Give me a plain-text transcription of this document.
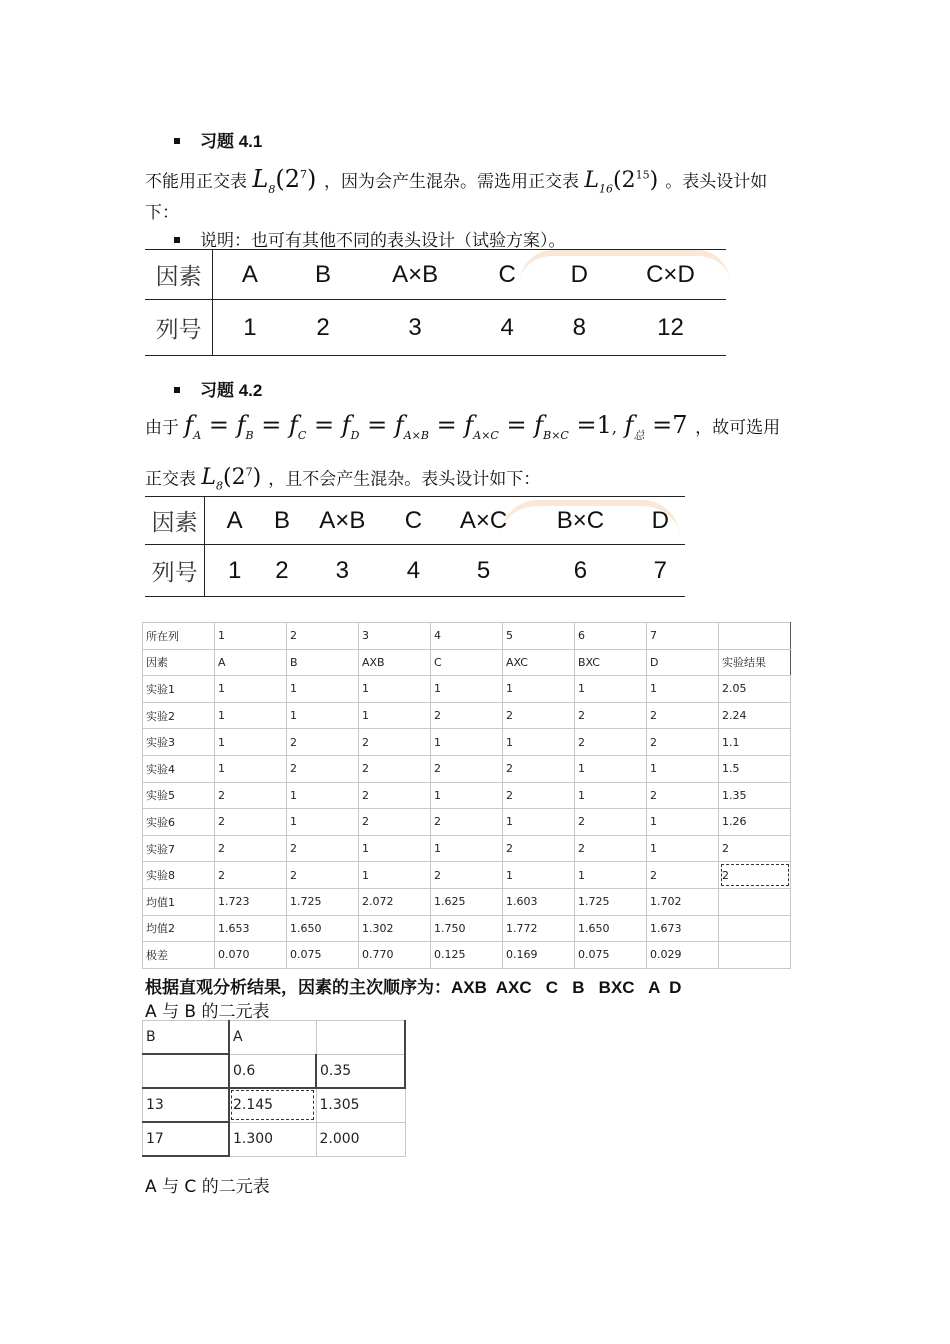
习题 4.1
不能用正交表 $L_8(2^7)$ ，因为会产生混杂。需选用正交表 $L_{16}(2^{15})$ 。表头设计如
下：
说明：也可有其他不同的表头设计（试验方案）。
因素	A	B	A×B	C	D	C×D
列号	1	2	3	4	8	12
习题 4.2
由于 $f_A = f_B = f_C = f_D = f_{A\times B} = f_{A\times C} = f_{B\times C} =1$, $f_总 =7$ ，故可选用
正交表 $L_8(2^7)$ ，且不会产生混杂。表头设计如下：
因素	A	B	A×B	C	A×C	B×C	D
列号	1	2	3	4	5	6	7
所在列	1	2	3	4	5	6	7	
因素	A	B	AXB	C	AXC	BXC	D	实验结果
实验1	1	1	1	1	1	1	1	2.05
实验2	1	1	1	2	2	2	2	2.24
实验3	1	2	2	1	1	2	2	1.1
实验4	1	2	2	2	2	1	1	1.5
实验5	2	1	2	1	2	1	2	1.35
实验6	2	1	2	2	1	2	1	1.26
实验7	2	2	1	1	2	2	1	2
实验8	2	2	1	2	1	1	2	2
均值1	1.723	1.725	2.072	1.625	1.603	1.725	1.702	
均值2	1.653	1.650	1.302	1.750	1.772	1.650	1.673	
极差	0.070	0.075	0.770	0.125	0.169	0.075	0.029	
根据直观分析结果，因素的主次顺序为：AXB  AXC   C   B   BXC   A  D
A 与 B 的二元表
B	A	
	0.6	0.35
13	2.145	1.305
17	1.300	2.000
A 与 C 的二元表
